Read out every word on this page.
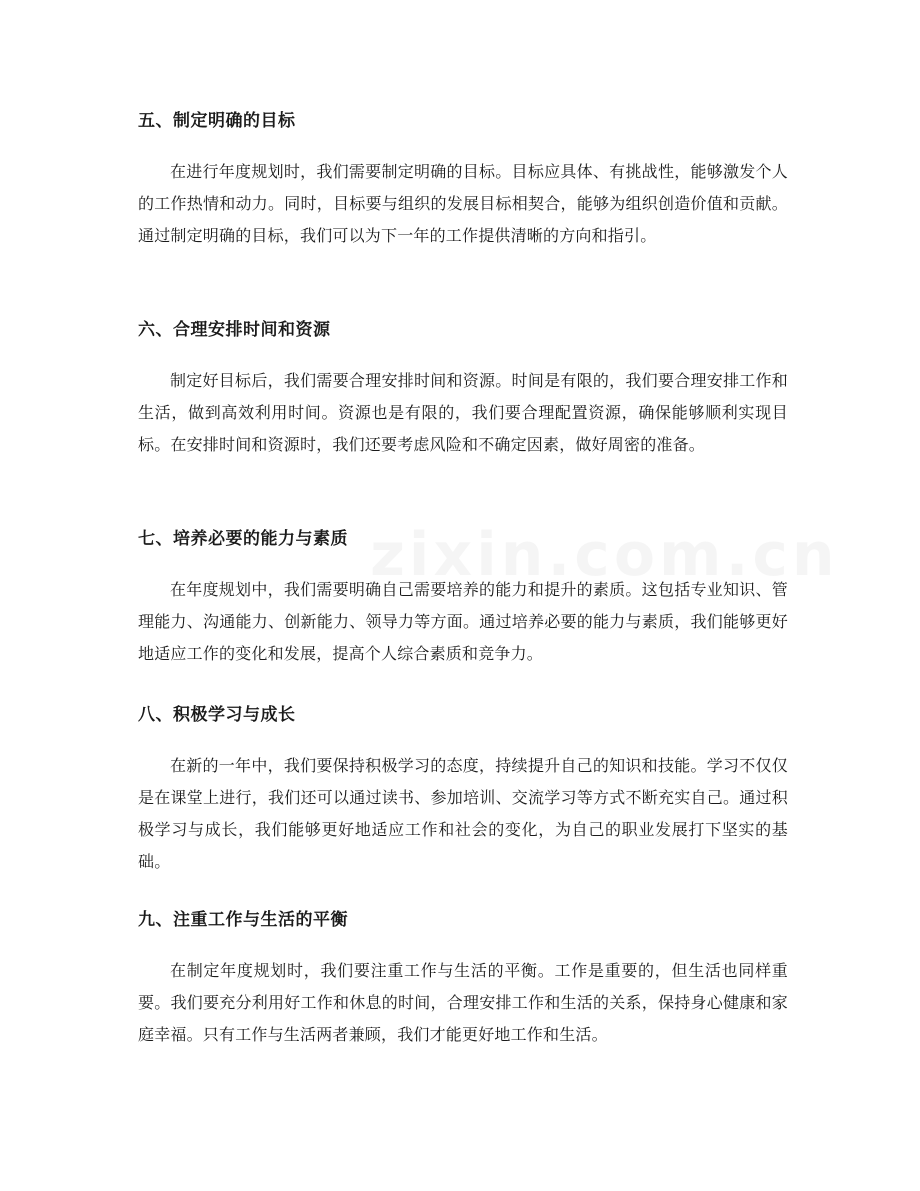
五、制定明确的目标

在进行年度规划时，我们需要制定明确的目标。目标应具体、有挑战性，能够激发个人的工作热情和动力。同时，目标要与组织的发展目标相契合，能够为组织创造价值和贡献。通过制定明确的目标，我们可以为下一年的工作提供清晰的方向和指引。

六、合理安排时间和资源

制定好目标后，我们需要合理安排时间和资源。时间是有限的，我们要合理安排工作和生活，做到高效利用时间。资源也是有限的，我们要合理配置资源，确保能够顺利实现目标。在安排时间和资源时，我们还要考虑风险和不确定因素，做好周密的准备。

七、培养必要的能力与素质

在年度规划中，我们需要明确自己需要培养的能力和提升的素质。这包括专业知识、管理能力、沟通能力、创新能力、领导力等方面。通过培养必要的能力与素质，我们能够更好地适应工作的变化和发展，提高个人综合素质和竞争力。

八、积极学习与成长

在新的一年中，我们要保持积极学习的态度，持续提升自己的知识和技能。学习不仅仅是在课堂上进行，我们还可以通过读书、参加培训、交流学习等方式不断充实自己。通过积极学习与成长，我们能够更好地适应工作和社会的变化，为自己的职业发展打下坚实的基础。

九、注重工作与生活的平衡

在制定年度规划时，我们要注重工作与生活的平衡。工作是重要的，但生活也同样重要。我们要充分利用好工作和休息的时间，合理安排工作和生活的关系，保持身心健康和家庭幸福。只有工作与生活两者兼顾，我们才能更好地工作和生活。
